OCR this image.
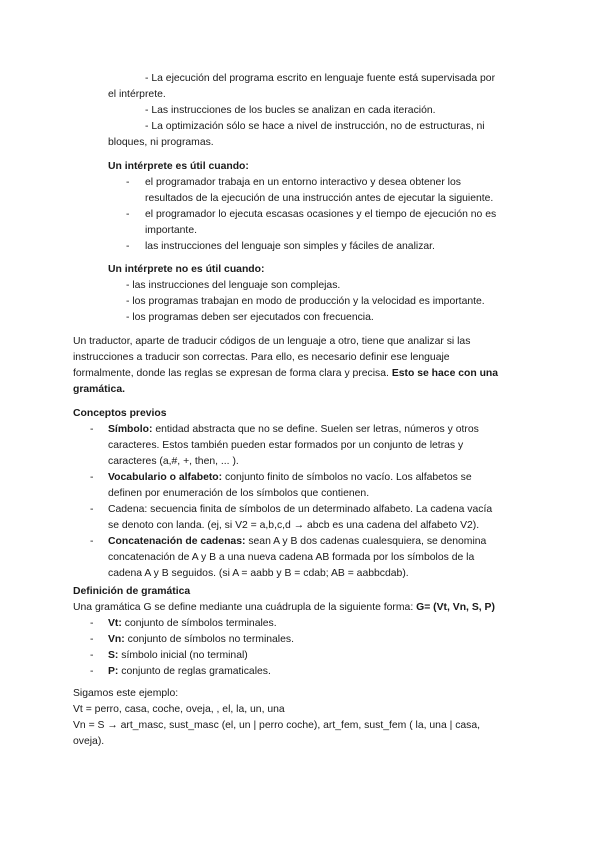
- La ejecución del programa escrito en lenguaje fuente está supervisada por
el intérprete.
- Las instrucciones de los bucles se analizan en cada iteración.
- La optimización sólo se hace a nivel de instrucción, no de estructuras, ni
bloques, ni programas.
Un intérprete es útil cuando:
-	el programador trabaja en un entorno interactivo y desea obtener los
resultados de la ejecución de una instrucción antes de ejecutar la siguiente.
-	el programador lo ejecuta escasas ocasiones y el tiempo de ejecución no es
importante.
-	las instrucciones del lenguaje son simples y fáciles de analizar.
Un intérprete no es útil cuando:
- las instrucciones del lenguaje son complejas.
- los programas trabajan en modo de producción y la velocidad es importante.
- los programas deben ser ejecutados con frecuencia.
Un traductor, aparte de traducir códigos de un lenguaje a otro, tiene que analizar si las
instrucciones a traducir son correctas. Para ello, es necesario definir ese lenguaje
formalmente, donde las reglas se expresan de forma clara y precisa. Esto se hace con una
gramática.
Conceptos previos
-	Símbolo: entidad abstracta que no se define. Suelen ser letras, números y otros
caracteres. Estos también pueden estar formados por un conjunto de letras y
caracteres (a,#, +, then, ... ).
-	Vocabulario o alfabeto: conjunto finito de símbolos no vacío. Los alfabetos se
definen por enumeración de los símbolos que contienen.
-	Cadena: secuencia finita de símbolos de un determinado alfabeto. La cadena vacía
se denoto con landa. (ej, si V2 = a,b,c,d → abcb es una cadena del alfabeto V2).
-	Concatenación de cadenas: sean A y B dos cadenas cualesquiera, se denomina
concatenación de A y B a una nueva cadena AB formada por los símbolos de la
cadena A y B seguidos. (si A = aabb y B = cdab; AB = aabbcdab).
Definición de gramática
Una gramática G se define mediante una cuádrupla de la siguiente forma: G= (Vt, Vn, S, P)
-	Vt: conjunto de símbolos terminales.
-	Vn: conjunto de símbolos no terminales.
-	S: símbolo inicial (no terminal)
-	P: conjunto de reglas gramaticales.
Sigamos este ejemplo:
Vt = perro, casa, coche, oveja, , el, la, un, una
Vn = S → art_masc, sust_masc (el, un | perro coche), art_fem, sust_fem ( la, una | casa,
oveja).
